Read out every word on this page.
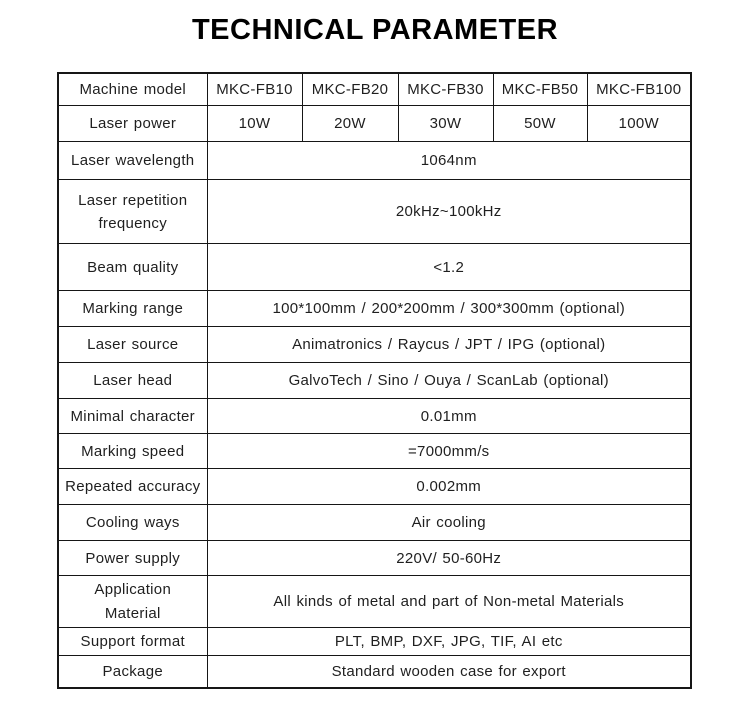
TECHNICAL PARAMETER
Machine model	MKC-FB10	MKC-FB20	MKC-FB30	MKC-FB50	MKC-FB100
Laser power	10W	20W	30W	50W	100W
Laser wavelength	1064nm				
Laser repetition frequency	20kHz~100kHz				
Beam quality	<1.2				
Marking range	100*100mm / 200*200mm / 300*300mm (optional)				
Laser source	Animatronics / Raycus / JPT / IPG (optional)				
Laser head	GalvoTech / Sino / Ouya / ScanLab (optional)				
Minimal character	0.01mm				
Marking speed	=7000mm/s				
Repeated accuracy	0.002mm				
Cooling ways	Air cooling				
Power supply	220V/ 50-60Hz				
Application Material	All kinds of metal and part of Non-metal Materials				
Support format	PLT, BMP, DXF, JPG, TIF, AI etc				
Package	Standard wooden case for export				
